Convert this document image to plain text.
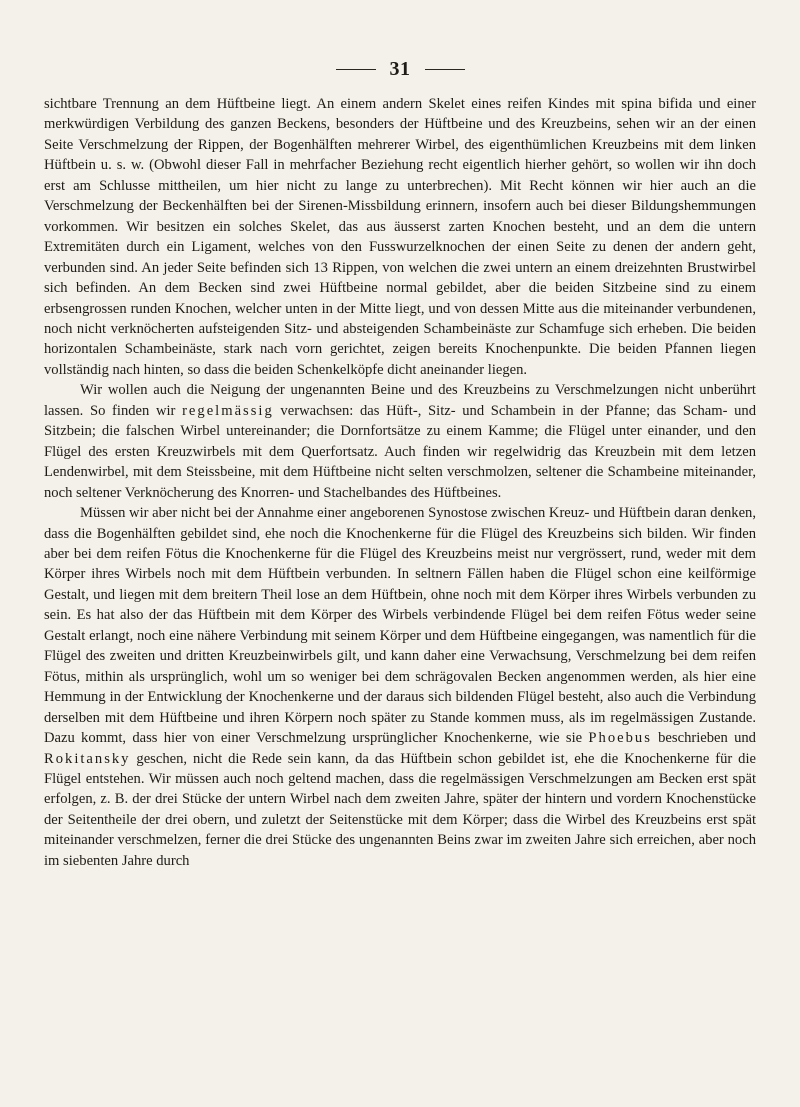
31

sichtbare Trennung an dem Hüftbeine liegt. An einem andern Skelet eines reifen Kindes mit spina bifida und einer merkwürdigen Verbildung des ganzen Beckens, besonders der Hüftbeine und des Kreuzbeins, sehen wir an der einen Seite Verschmelzung der Rippen, der Bogenhälften mehrerer Wirbel, des eigenthümlichen Kreuzbeins mit dem linken Hüftbein u. s. w. (Obwohl dieser Fall in mehrfacher Beziehung recht eigentlich hierher gehört, so wollen wir ihn doch erst am Schlusse mittheilen, um hier nicht zu lange zu unterbrechen). Mit Recht können wir hier auch an die Verschmelzung der Beckenhälften bei der Sirenen-Missbildung erinnern, insofern auch bei dieser Bildungshemmungen vorkommen. Wir besitzen ein solches Skelet, das aus äusserst zarten Knochen besteht, und an dem die untern Extremitäten durch ein Ligament, welches von den Fusswurzelknochen der einen Seite zu denen der andern geht, verbunden sind. An jeder Seite befinden sich 13 Rippen, von welchen die zwei untern an einem dreizehnten Brustwirbel sich befinden. An dem Becken sind zwei Hüftbeine normal gebildet, aber die beiden Sitzbeine sind zu einem erbsengrossen runden Knochen, welcher unten in der Mitte liegt, und von dessen Mitte aus die miteinander verbundenen, noch nicht verknöcherten aufsteigenden Sitz- und absteigenden Schambeinäste zur Schamfuge sich erheben. Die beiden horizontalen Schambeinäste, stark nach vorn gerichtet, zeigen bereits Knochenpunkte. Die beiden Pfannen liegen vollständig nach hinten, so dass die beiden Schenkelköpfe dicht aneinander liegen.

Wir wollen auch die Neigung der ungenannten Beine und des Kreuzbeins zu Verschmelzungen nicht unberührt lassen. So finden wir regelmässig verwachsen: das Hüft-, Sitz- und Schambein in der Pfanne; das Scham- und Sitzbein; die falschen Wirbel untereinander; die Dornfortsätze zu einem Kamme; die Flügel unter einander, und den Flügel des ersten Kreuzwirbels mit dem Querfortsatz. Auch finden wir regelwidrig das Kreuzbein mit dem letzen Lendenwirbel, mit dem Steissbeine, mit dem Hüftbeine nicht selten verschmolzen, seltener die Schambeine miteinander, noch seltener Verknöcherung des Knorren- und Stachelbandes des Hüftbeines.

Müssen wir aber nicht bei der Annahme einer angeborenen Synostose zwischen Kreuz- und Hüftbein daran denken, dass die Bogenhälften gebildet sind, ehe noch die Knochenkerne für die Flügel des Kreuzbeins sich bilden. Wir finden aber bei dem reifen Fötus die Knochenkerne für die Flügel des Kreuzbeins meist nur vergrössert, rund, weder mit dem Körper ihres Wirbels noch mit dem Hüftbein verbunden. In seltnern Fällen haben die Flügel schon eine keilförmige Gestalt, und liegen mit dem breitern Theil lose an dem Hüftbein, ohne noch mit dem Körper ihres Wirbels verbunden zu sein. Es hat also der das Hüftbein mit dem Körper des Wirbels verbindende Flügel bei dem reifen Fötus weder seine Gestalt erlangt, noch eine nähere Verbindung mit seinem Körper und dem Hüftbeine eingegangen, was namentlich für die Flügel des zweiten und dritten Kreuzbeinwirbels gilt, und kann daher eine Verwachsung, Verschmelzung bei dem reifen Fötus, mithin als ursprünglich, wohl um so weniger bei dem schrägovalen Becken angenommen werden, als hier eine Hemmung in der Entwicklung der Knochenkerne und der daraus sich bildenden Flügel besteht, also auch die Verbindung derselben mit dem Hüftbeine und ihren Körpern noch später zu Stande kommen muss, als im regelmässigen Zustande. Dazu kommt, dass hier von einer Verschmelzung ursprünglicher Knochenkerne, wie sie Phoebus beschrieben und Rokitansky geschen, nicht die Rede sein kann, da das Hüftbein schon gebildet ist, ehe die Knochenkerne für die Flügel entstehen. Wir müssen auch noch geltend machen, dass die regelmässigen Verschmelzungen am Becken erst spät erfolgen, z. B. der drei Stücke der untern Wirbel nach dem zweiten Jahre, später der hintern und vordern Knochenstücke der Seitentheile der drei obern, und zuletzt der Seitenstücke mit dem Körper; dass die Wirbel des Kreuzbeins erst spät miteinander verschmelzen, ferner die drei Stücke des ungenannten Beins zwar im zweiten Jahre sich erreichen, aber noch im siebenten Jahre durch
